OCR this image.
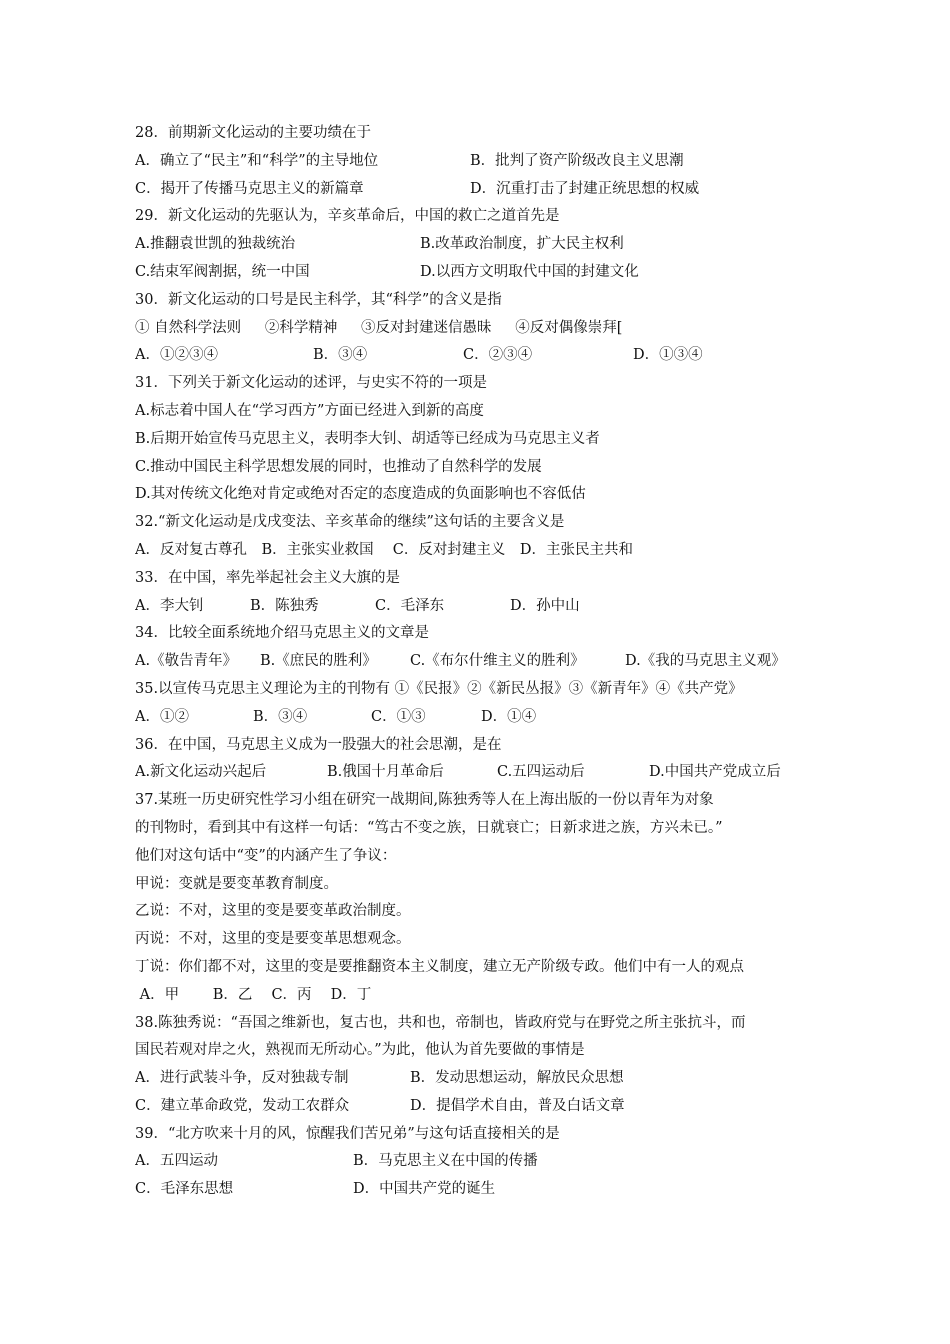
28．前期新文化运动的主要功绩在于
A．确立了“民主”和“科学”的主导地位	B．批判了资产阶级改良主义思潮
C．揭开了传播马克思主义的新篇章	D．沉重打击了封建正统思想的权威
29．新文化运动的先驱认为，辛亥革命后，中国的救亡之道首先是
A.推翻袁世凯的独裁统治	B.改革政治制度，扩大民主权利
C.结束军阀割据，统一中国	D.以西方文明取代中国的封建文化
30．新文化运动的口号是民主科学，其“科学”的含义是指
① 自然科学法则　  ②科学精神　  ③反对封建迷信愚昧　  ④反对偶像崇拜[
A．①②③④	B．③④	C．②③④	D．①③④
31．下列关于新文化运动的述评，与史实不符的一项是
A.标志着中国人在“学习西方”方面已经进入到新的高度
B.后期开始宣传马克思主义，表明李大钊、胡适等已经成为马克思主义者
C.推动中国民主科学思想发展的同时，也推动了自然科学的发展
D.其对传统文化绝对肯定或绝对否定的态度造成的负面影响也不容低估
32.“新文化运动是戊戌变法、辛亥革命的继续”这句话的主要含义是
A．反对复古尊孔　B．主张实业救国　 C．反对封建主义　D．主张民主共和
33．在中国，率先举起社会主义大旗的是
A．李大钊	B．陈独秀	C．毛泽东	D．孙中山
34．比较全面系统地介绍马克思主义的文章是
A.《敬告青年》	B.《庶民的胜利》	C.《布尔什维主义的胜利》	D.《我的马克思主义观》
35.以宣传马克思主义理论为主的刊物有 ①《民报》②《新民丛报》③《新青年》④《共产党》
A．①②	B．③④	C．①③	D．①④
36．在中国，马克思主义成为一股强大的社会思潮，是在
A.新文化运动兴起后	B.俄国十月革命后	C.五四运动后	D.中国共产党成立后
37.某班一历史研究性学习小组在研究一战期间,陈独秀等人在上海出版的一份以青年为对象
的刊物时，看到其中有这样一句话：“笃古不变之族，日就衰亡；日新求进之族，方兴未已。”
他们对这句话中“变”的内涵产生了争议：
甲说：变就是要变革教育制度。
乙说：不对，这里的变是要变革政治制度。
丙说：不对，这里的变是要变革思想观念。
丁说：你们都不对，这里的变是要推翻资本主义制度，建立无产阶级专政。他们中有一人的观点
A．甲　　 B．乙　 C．丙　 D．丁
38.陈独秀说：“吾国之维新也，复古也，共和也，帝制也，皆政府党与在野党之所主张抗斗，而
国民若观对岸之火，熟视而无所动心。”为此，他认为首先要做的事情是
A．进行武装斗争，反对独裁专制	B．发动思想运动，解放民众思想
C．建立革命政党，发动工农群众	D．提倡学术自由，普及白话文章
39．“北方吹来十月的风，惊醒我们苦兄弟”与这句话直接相关的是
A．五四运动	B．马克思主义在中国的传播
C．毛泽东思想	D．中国共产党的诞生
